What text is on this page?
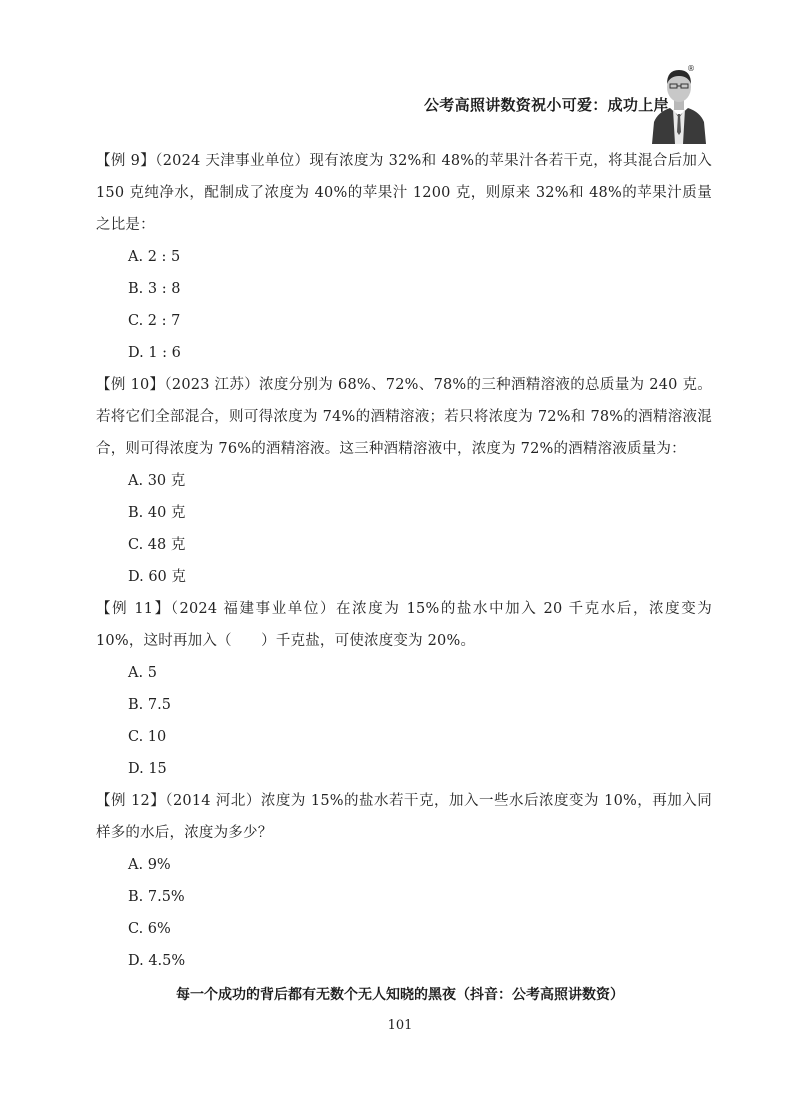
®
公考高照讲数资祝小可爱：成功上岸

【例 9】（2024 天津事业单位）现有浓度为 32%和 48%的苹果汁各若干克，将其混合后加入 150 克纯净水，配制成了浓度为 40%的苹果汁 1200 克，则原来 32%和 48%的苹果汁质量之比是：

A. 2 : 5
B. 3 : 8
C. 2 : 7
D. 1 : 6

【例 10】（2023 江苏）浓度分别为 68%、72%、78%的三种酒精溶液的总质量为 240 克。若将它们全部混合，则可得浓度为 74%的酒精溶液；若只将浓度为 72%和 78%的酒精溶液混合，则可得浓度为 76%的酒精溶液。这三种酒精溶液中，浓度为 72%的酒精溶液质量为：

A. 30 克
B. 40 克
C. 48 克
D. 60 克

【例 11】（2024 福建事业单位）在浓度为 15%的盐水中加入 20 千克水后，浓度变为 10%，这时再加入（　　）千克盐，可使浓度变为 20%。

A. 5
B. 7.5
C. 10
D. 15

【例 12】（2014 河北）浓度为 15%的盐水若干克，加入一些水后浓度变为 10%，再加入同样多的水后，浓度为多少？

A. 9%
B. 7.5%
C. 6%
D. 4.5%
每一个成功的背后都有无数个无人知晓的黑夜（抖音：公考高照讲数资）
101
